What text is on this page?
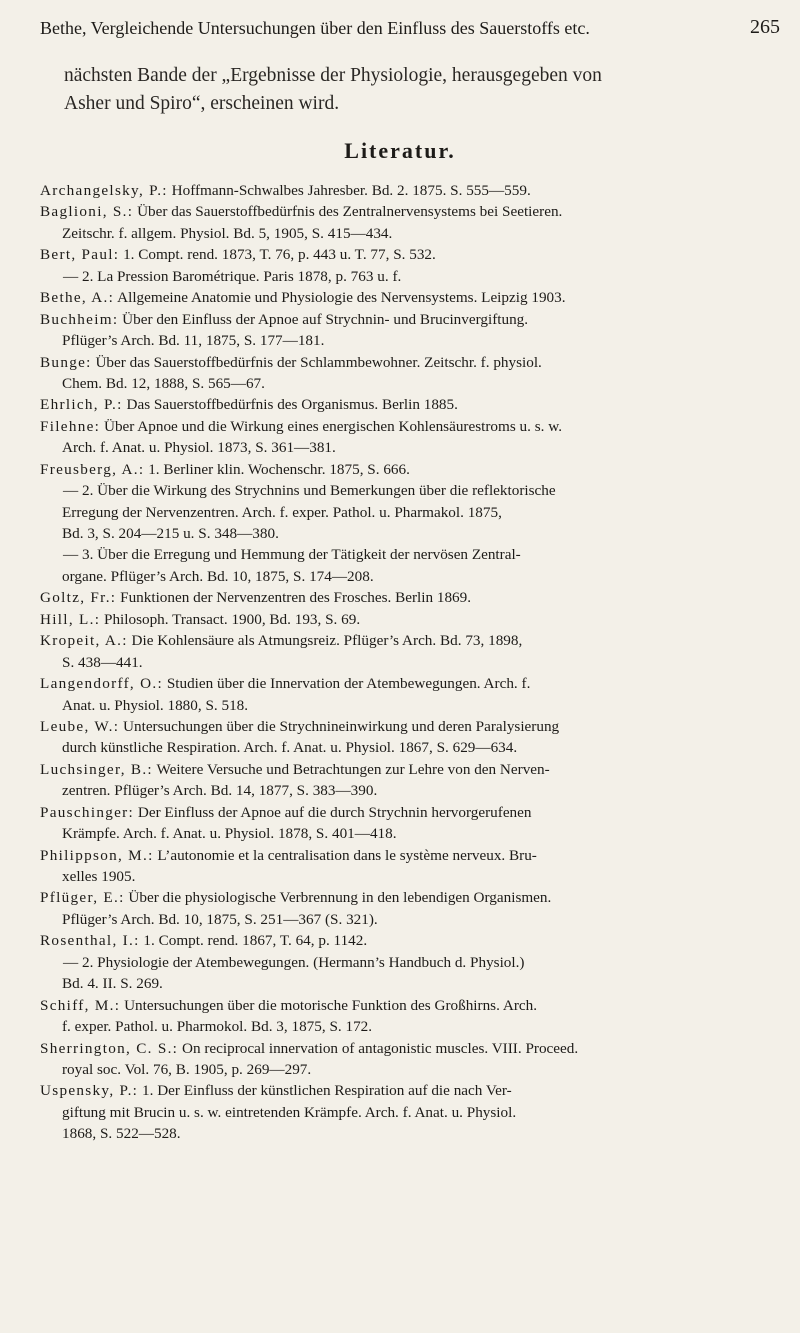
Bethe, Vergleichende Untersuchungen über den Einfluss des Sauerstoffs etc.	265
nächsten Bande der „Ergebnisse der Physiologie, herausgegeben von
Asher und Spiro“, erscheinen wird.
Literatur.
Archangelsky, P.: Hoffmann-Schwalbes Jahresber. Bd. 2. 1875. S. 555—559.
Baglioni, S.: Über das Sauerstoffbedürfnis des Zentralnervensystems bei Seetieren.
Zeitschr. f. allgem. Physiol. Bd. 5, 1905, S. 415—434.
Bert, Paul: 1. Compt. rend. 1873, T. 76, p. 443 u. T. 77, S. 532.
— 2. La Pression Barométrique. Paris 1878, p. 763 u. f.
Bethe, A.: Allgemeine Anatomie und Physiologie des Nervensystems. Leipzig 1903.
Buchheim: Über den Einfluss der Apnoe auf Strychnin- und Brucinvergiftung.
Pflüger’s Arch. Bd. 11, 1875, S. 177—181.
Bunge: Über das Sauerstoffbedürfnis der Schlammbewohner. Zeitschr. f. physiol.
Chem. Bd. 12, 1888, S. 565—67.
Ehrlich, P.: Das Sauerstoffbedürfnis des Organismus. Berlin 1885.
Filehne: Über Apnoe und die Wirkung eines energischen Kohlensäurestroms u. s. w.
Arch. f. Anat. u. Physiol. 1873, S. 361—381.
Freusberg, A.: 1. Berliner klin. Wochenschr. 1875, S. 666.
— 2. Über die Wirkung des Strychnins und Bemerkungen über die reflektorische
Erregung der Nervenzentren. Arch. f. exper. Pathol. u. Pharmakol. 1875,
Bd. 3, S. 204—215 u. S. 348—380.
— 3. Über die Erregung und Hemmung der Tätigkeit der nervösen Zentral-
organe. Pflüger’s Arch. Bd. 10, 1875, S. 174—208.
Goltz, Fr.: Funktionen der Nervenzentren des Frosches. Berlin 1869.
Hill, L.: Philosoph. Transact. 1900, Bd. 193, S. 69.
Kropeit, A.: Die Kohlensäure als Atmungsreiz. Pflüger’s Arch. Bd. 73, 1898,
S. 438—441.
Langendorff, O.: Studien über die Innervation der Atembewegungen. Arch. f.
Anat. u. Physiol. 1880, S. 518.
Leube, W.: Untersuchungen über die Strychnineinwirkung und deren Paralysierung
durch künstliche Respiration. Arch. f. Anat. u. Physiol. 1867, S. 629—634.
Luchsinger, B.: Weitere Versuche und Betrachtungen zur Lehre von den Nerven-
zentren. Pflüger’s Arch. Bd. 14, 1877, S. 383—390.
Pauschinger: Der Einfluss der Apnoe auf die durch Strychnin hervorgerufenen
Krämpfe. Arch. f. Anat. u. Physiol. 1878, S. 401—418.
Philippson, M.: L’autonomie et la centralisation dans le système nerveux. Bru-
xelles 1905.
Pflüger, E.: Über die physiologische Verbrennung in den lebendigen Organismen.
Pflüger’s Arch. Bd. 10, 1875, S. 251—367 (S. 321).
Rosenthal, I.: 1. Compt. rend. 1867, T. 64, p. 1142.
— 2. Physiologie der Atembewegungen. (Hermann’s Handbuch d. Physiol.)
Bd. 4. II. S. 269.
Schiff, M.: Untersuchungen über die motorische Funktion des Großhirns. Arch.
f. exper. Pathol. u. Pharmokol. Bd. 3, 1875, S. 172.
Sherrington, C. S.: On reciprocal innervation of antagonistic muscles. VIII. Proceed.
royal soc. Vol. 76, B. 1905, p. 269—297.
Uspensky, P.: 1. Der Einfluss der künstlichen Respiration auf die nach Ver-
giftung mit Brucin u. s. w. eintretenden Krämpfe. Arch. f. Anat. u. Physiol.
1868, S. 522—528.
